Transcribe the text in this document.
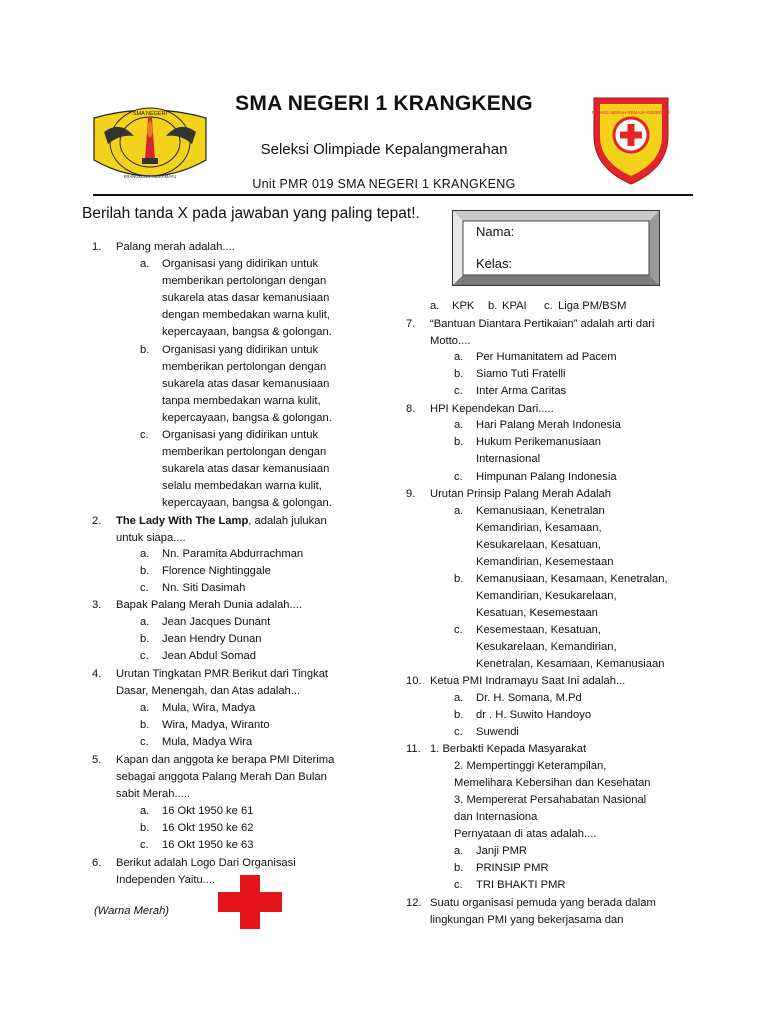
SMA NEGERI
KRANGKENG INDRAMAYU
PALANG MERAH REMAJA INDONESIA
SMA NEGERI 1 KRANGKENG
Seleksi Olimpiade Kepalangmerahan
Unit PMR 019 SMA NEGERI 1 KRANGKENG
Berilah tanda X pada jawaban yang paling tepat!.
Nama:
Kelas:
1. Palang merah adalah....
a. Organisasi yang didirikan untuk
memberikan pertolongan dengan
sukarela atas dasar kemanusiaan
dengan membedakan warna kulit,
kepercayaan, bangsa & golongan.
b. Organisasi yang didirikan untuk
memberikan pertolongan dengan
sukarela atas dasar kemanusiaan
tanpa membedakan warna kulit,
kepercayaan, bangsa & golongan.
c. Organisasi yang didirikan untuk
memberikan pertolongan dengan
sukarela atas dasar kemanusiaan
selalu membedakan warna kulit,
kepercayaan, bangsa & golongan.
2. The Lady With The Lamp, adalah julukan
untuk siapa....
a. Nn. Paramita Abdurrachman
b. Florence Nightinggale
c. Nn. Siti Dasimah
3. Bapak Palang Merah Dunia adalah....
a. Jean Jacques Dunant
b. Jean Hendry Dunan
c. Jean Abdul Somad
4. Urutan Tingkatan PMR Berikut dari Tingkat
Dasar, Menengah, dan Atas adalah...
a. Mula, Wira, Madya
b. Wira, Madya, Wiranto
c. Mula, Madya Wira
5. Kapan dan anggota ke berapa PMI Diterima
sebagai anggota Palang Merah Dan Bulan
sabit Merah.....
a. 16 Okt 1950 ke 61
b. 16 Okt 1950 ke 62
c. 16 Okt 1950 ke 63
6. Berikut adalah Logo Dari Organisasi
Independen Yaitu....
(Warna Merah)
a. KPK b. KPAI c. Liga PM/BSM
7. “Bantuan Diantara Pertikaian” adalah arti dari
Motto....
a. Per Humanitatem ad Pacem
b. Siamo Tuti Fratelli
c. Inter Arma Caritas
8. HPI Kependekan Dari.....
a. Hari Palang Merah Indonesia
b. Hukum Perikemanusiaan
Internasional
c. Himpunan Palang Indonesia
9. Urutan Prinsip Palang Merah Adalah
a. Kemanusiaan, Kenetralan
Kemandirian, Kesamaan,
Kesukarelaan, Kesatuan,
Kemandirian, Kesemestaan
b. Kemanusiaan, Kesamaan, Kenetralan,
Kemandirian, Kesukarelaan,
Kesatuan, Kesemestaan
c. Kesemestaan, Kesatuan,
Kesukarelaan, Kemandirian,
Kenetralan, Kesamaan, Kemanusiaan
10. Ketua PMI Indramayu Saat Ini adalah...
a. Dr. H. Somana, M.Pd
b. dr . H. Suwito Handoyo
c. Suwendi
11. 1. Berbakti Kepada Masyarakat
2. Mempertinggi Keterampilan,
Memelihara Kebersihan dan Kesehatan
3. Mempererat Persahabatan Nasional
dan Internasiona
Pernyataan di atas adalah....
a. Janji PMR
b. PRINSIP PMR
c. TRI BHAKTI PMR
12. Suatu organisasi pemuda yang berada dalam
lingkungan PMI yang bekerjasama dan
